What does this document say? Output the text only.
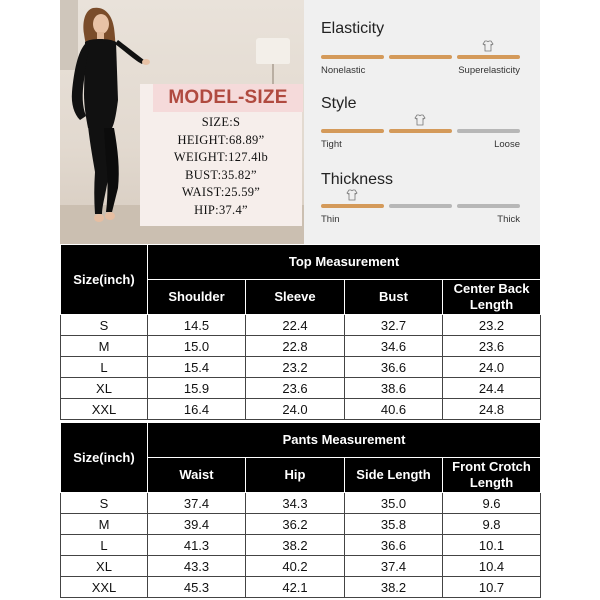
MODEL-SIZE
SIZE:S
HEIGHT:68.89”
WEIGHT:127.4lb
BUST:35.82”
WAIST:25.59”
HIP:37.4”
Elasticity
Nonelastic	Superelasticity
Style
Tight	Loose
Thickness
Thin	Thick
Size(inch)	Top Measurement			
	Shoulder	Sleeve	Bust	Center Back Length
S	14.5	22.4	32.7	23.2
M	15.0	22.8	34.6	23.6
L	15.4	23.2	36.6	24.0
XL	15.9	23.6	38.6	24.4
XXL	16.4	24.0	40.6	24.8
Size(inch)	Pants Measurement			
	Waist	Hip	Side Length	Front Crotch Length
S	37.4	34.3	35.0	9.6
M	39.4	36.2	35.8	9.8
L	41.3	38.2	36.6	10.1
XL	43.3	40.2	37.4	10.4
XXL	45.3	42.1	38.2	10.7
